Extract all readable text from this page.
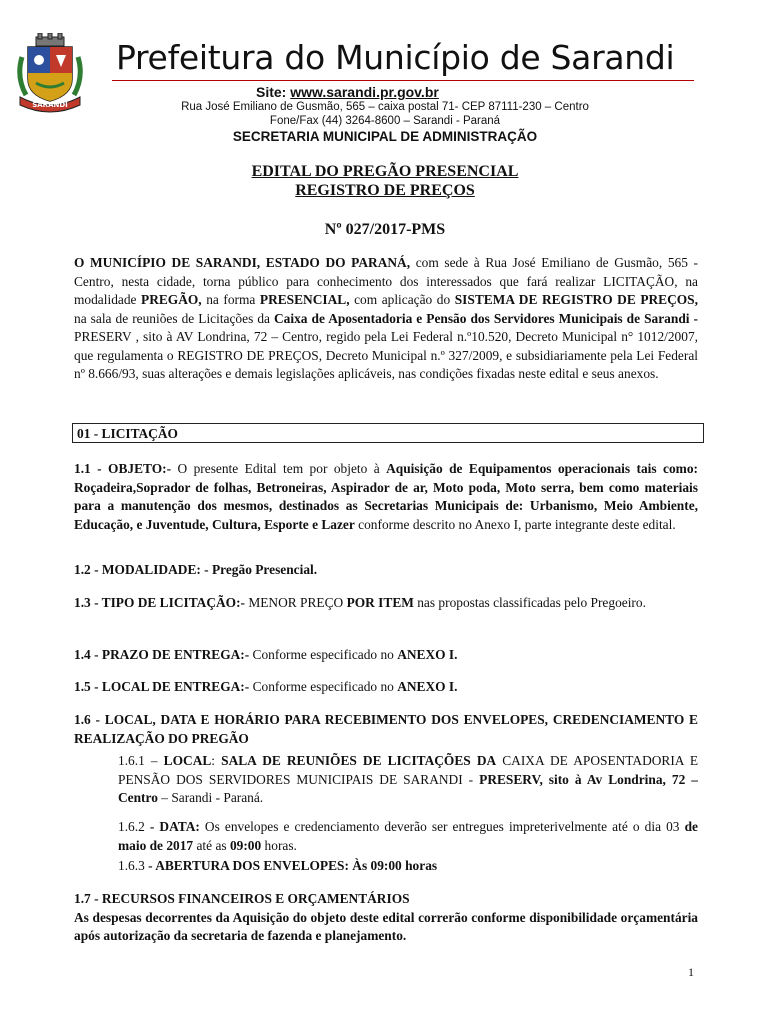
SARANDI
Prefeitura do Município de Sarandi
Site: www.sarandi.pr.gov.br
Rua José Emiliano de Gusmão, 565 – caixa postal 71- CEP 87111-230 – Centro
Fone/Fax (44) 3264-8600 – Sarandi - Paraná
SECRETARIA MUNICIPAL DE ADMINISTRAÇÃO
EDITAL DO PREGÃO PRESENCIAL
REGISTRO DE PREÇOS
Nº 027/2017-PMS
O MUNICÍPIO DE SARANDI, ESTADO DO PARANÁ, com sede à Rua José Emiliano de Gusmão, 565 - Centro, nesta cidade, torna público para conhecimento dos interessados que fará realizar LICITAÇÃO, na modalidade PREGÃO, na forma PRESENCIAL, com aplicação do SISTEMA DE REGISTRO DE PREÇOS, na sala de reuniões de Licitações da Caixa de Aposentadoria e Pensão dos Servidores Municipais de Sarandi - PRESERV , sito à AV Londrina, 72 – Centro, regido pela Lei Federal n.º10.520, Decreto Municipal n° 1012/2007, que regulamenta o REGISTRO DE PREÇOS, Decreto Municipal n.º 327/2009, e subsidiariamente pela Lei Federal nº 8.666/93, suas alterações e demais legislações aplicáveis, nas condições fixadas neste edital e seus anexos.
01 - LICITAÇÃO
1.1 - OBJETO:- O presente Edital tem por objeto à Aquisição de Equipamentos operacionais tais como: Roçadeira,Soprador de folhas, Betroneiras, Aspirador de ar, Moto poda, Moto serra, bem como materiais para a manutenção dos mesmos, destinados as Secretarias Municipais de: Urbanismo, Meio Ambiente, Educação, e Juventude, Cultura, Esporte e Lazer conforme descrito no Anexo I, parte integrante deste edital.
1.2 - MODALIDADE: - Pregão Presencial.
1.3 - TIPO DE LICITAÇÃO:- MENOR PREÇO POR ITEM nas propostas classificadas pelo Pregoeiro.
1.4 - PRAZO DE ENTREGA:- Conforme especificado no ANEXO I.
1.5 - LOCAL DE ENTREGA:- Conforme especificado no ANEXO I.
1.6 - LOCAL, DATA E HORÁRIO PARA RECEBIMENTO DOS ENVELOPES, CREDENCIAMENTO E REALIZAÇÃO DO PREGÃO
1.6.1 – LOCAL: SALA DE REUNIÕES DE LICITAÇÕES DA CAIXA DE APOSENTADORIA E PENSÃO DOS SERVIDORES MUNICIPAIS DE SARANDI - PRESERV, sito à Av Londrina, 72 – Centro – Sarandi - Paraná.
1.6.2 - DATA: Os envelopes e credenciamento deverão ser entregues impreterivelmente até o dia 03 de maio de 2017 até as 09:00 horas.
1.6.3 - ABERTURA DOS ENVELOPES: Às 09:00 horas
1.7 - RECURSOS FINANCEIROS E ORÇAMENTÁRIOS
As despesas decorrentes da Aquisição do objeto deste edital correrão conforme disponibilidade orçamentária após autorização da secretaria de fazenda e planejamento.
1
